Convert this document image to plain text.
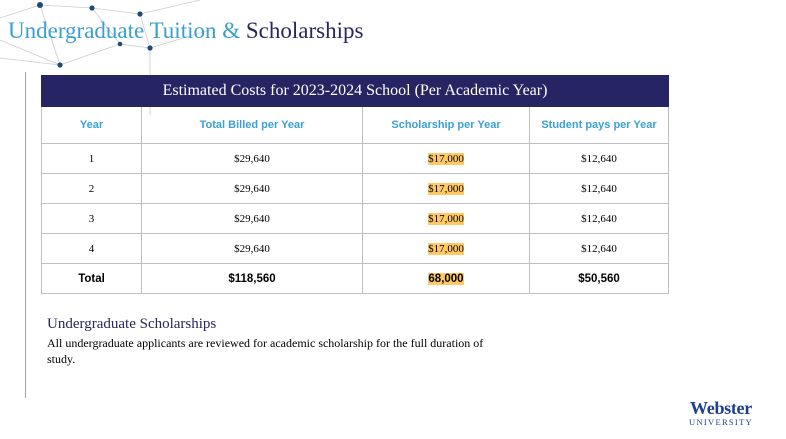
Undergraduate Tuition & Scholarships
Estimated Costs for 2023-2024 School (Per Academic Year)			
Year	Total Billed per Year	Scholarship per Year	Student pays per Year
1	$29,640	$17,000	$12,640
2	$29,640	$17,000	$12,640
3	$29,640	$17,000	$12,640
4	$29,640	$17,000	$12,640
Total	$118,560	68,000	$50,560
Undergraduate Scholarships

All undergraduate applicants are reviewed for academic scholarship for the full duration of study.

Webster
UNIVERSITY
